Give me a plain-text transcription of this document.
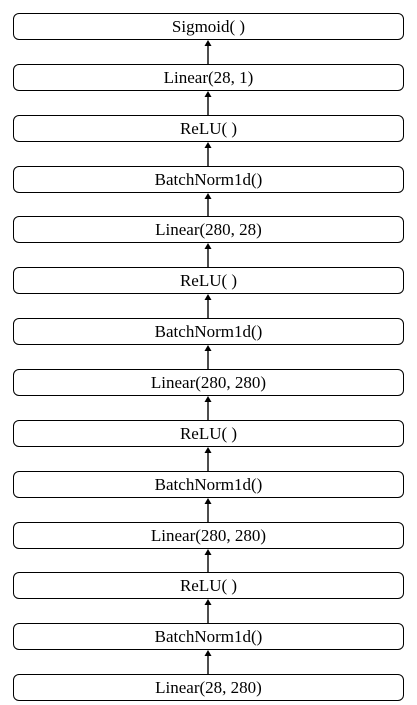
Sigmoid( )
Linear(28, 1)
ReLU( )
BatchNorm1d()
Linear(280, 28)
ReLU( )
BatchNorm1d()
Linear(280, 280)
ReLU( )
BatchNorm1d()
Linear(280, 280)
ReLU( )
BatchNorm1d()
Linear(28, 280)
